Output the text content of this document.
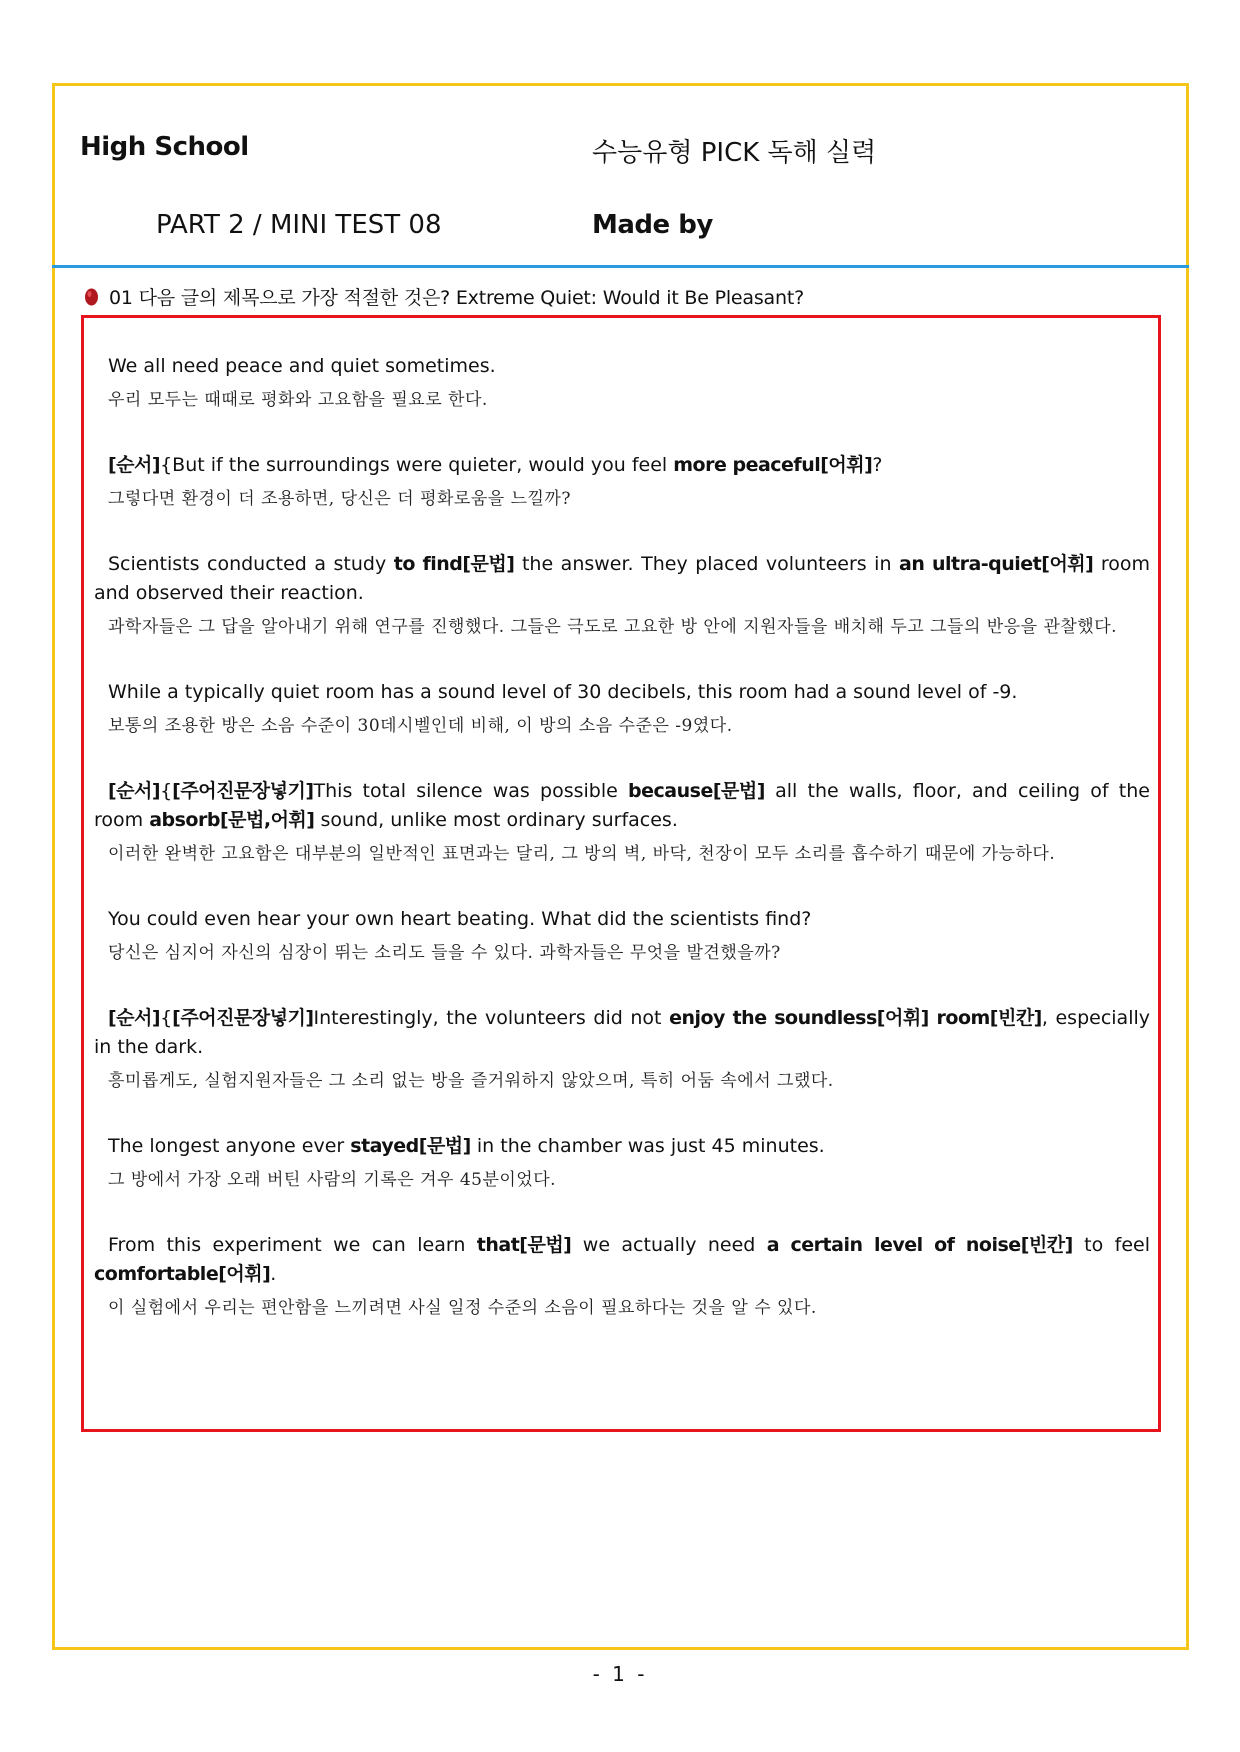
High School	수능유형 PICK 독해 실력
PART 2 / MINI TEST 08	Made by
01 다음 글의 제목으로 가장 적절한 것은? Extreme Quiet: Would it Be Pleasant?
We all need peace and quiet sometimes.
우리 모두는 때때로 평화와 고요함을 필요로 한다.
[순서]{But if the surroundings were quieter, would you feel more peaceful[어휘]?
그렇다면 환경이 더 조용하면, 당신은 더 평화로움을 느낄까?
Scientists conducted a study to find[문법] the answer. They placed volunteers in an ultra-quiet[어휘] room and observed their reaction.
과학자들은 그 답을 알아내기 위해 연구를 진행했다. 그들은 극도로 고요한 방 안에 지원자들을 배치해 두고 그들의 반응을 관찰했다.
While a typically quiet room has a sound level of 30 decibels, this room had a sound level of -9.
보통의 조용한 방은 소음 수준이 30데시벨인데 비해, 이 방의 소음 수준은 -9였다.
[순서]{[주어진문장넣기]This total silence was possible because[문법] all the walls, floor, and ceiling of the room absorb[문법,어휘] sound, unlike most ordinary surfaces.
이러한 완벽한 고요함은 대부분의 일반적인 표면과는 달리, 그 방의 벽, 바닥, 천장이 모두 소리를 흡수하기 때문에 가능하다.
You could even hear your own heart beating. What did the scientists find?
당신은 심지어 자신의 심장이 뛰는 소리도 들을 수 있다. 과학자들은 무엇을 발견했을까?
[순서]{[주어진문장넣기]Interestingly, the volunteers did not enjoy the soundless[어휘] room[빈칸], especially in the dark.
흥미롭게도, 실험지원자들은 그 소리 없는 방을 즐거워하지 않았으며, 특히 어둠 속에서 그랬다.
The longest anyone ever stayed[문법] in the chamber was just 45 minutes.
그 방에서 가장 오래 버틴 사람의 기록은 겨우 45분이었다.
From this experiment we can learn that[문법] we actually need a certain level of noise[빈칸] to feel comfortable[어휘].
이 실험에서 우리는 편안함을 느끼려면 사실 일정 수준의 소음이 필요하다는 것을 알 수 있다.
- 1 -
